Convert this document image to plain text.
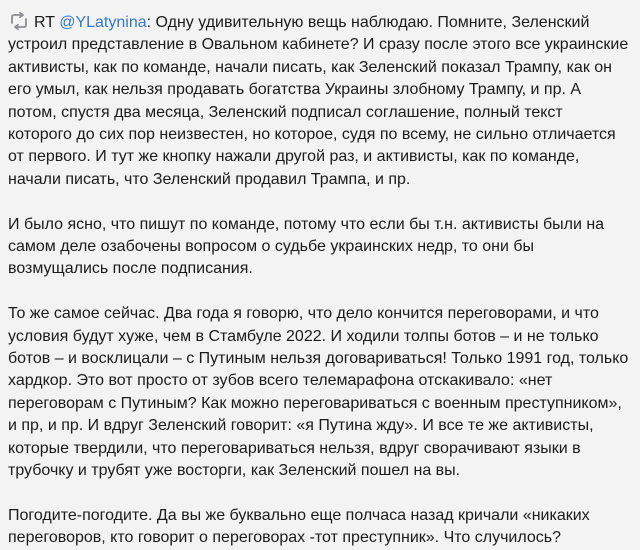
RT @YLatynina: Одну удивительную вещь наблюдаю. Помните, Зеленский устроил представление в Овальном кабинете? И сразу после этого все украинские активисты, как по команде, начали писать, как Зеленский показал Трампу, как он его умыл, как нельзя продавать богатства Украины злобному Трампу, и пр. А потом, спустя два месяца, Зеленский подписал соглашение, полный текст которого до сих пор неизвестен, но которое, судя по всему, не сильно отличается от первого. И тут же кнопку нажали другой раз, и активисты, как по команде, начали писать, что Зеленский продавил Трампа, и пр.

И было ясно, что пишут по команде, потому что если бы т.н. активисты были на самом деле озабочены вопросом о судьбе украинских недр, то они бы возмущались после подписания.

То же самое сейчас. Два года я говорю, что дело кончится переговорами, и что условия будут хуже, чем в Стамбуле 2022. И ходили толпы ботов – и не только ботов – и восклицали – с Путиным нельзя договариваться! Только 1991 год, только хардкор. Это вот просто от зубов всего телемарафона отскакивало: «нет переговорам с Путиным? Как можно переговариваться с военным преступником», и пр, и пр. И вдруг Зеленский говорит: «я Путина жду». И все те же активисты, которые твердили, что переговариваться нельзя, вдруг сворачивают языки в трубочку и трубят уже восторги, как Зеленский пошел на вы.

Погодите-погодите. Да вы же буквально еще полчаса назад кричали «никаких переговоров, кто говорит о переговорах -тот преступник». Что случилось?
